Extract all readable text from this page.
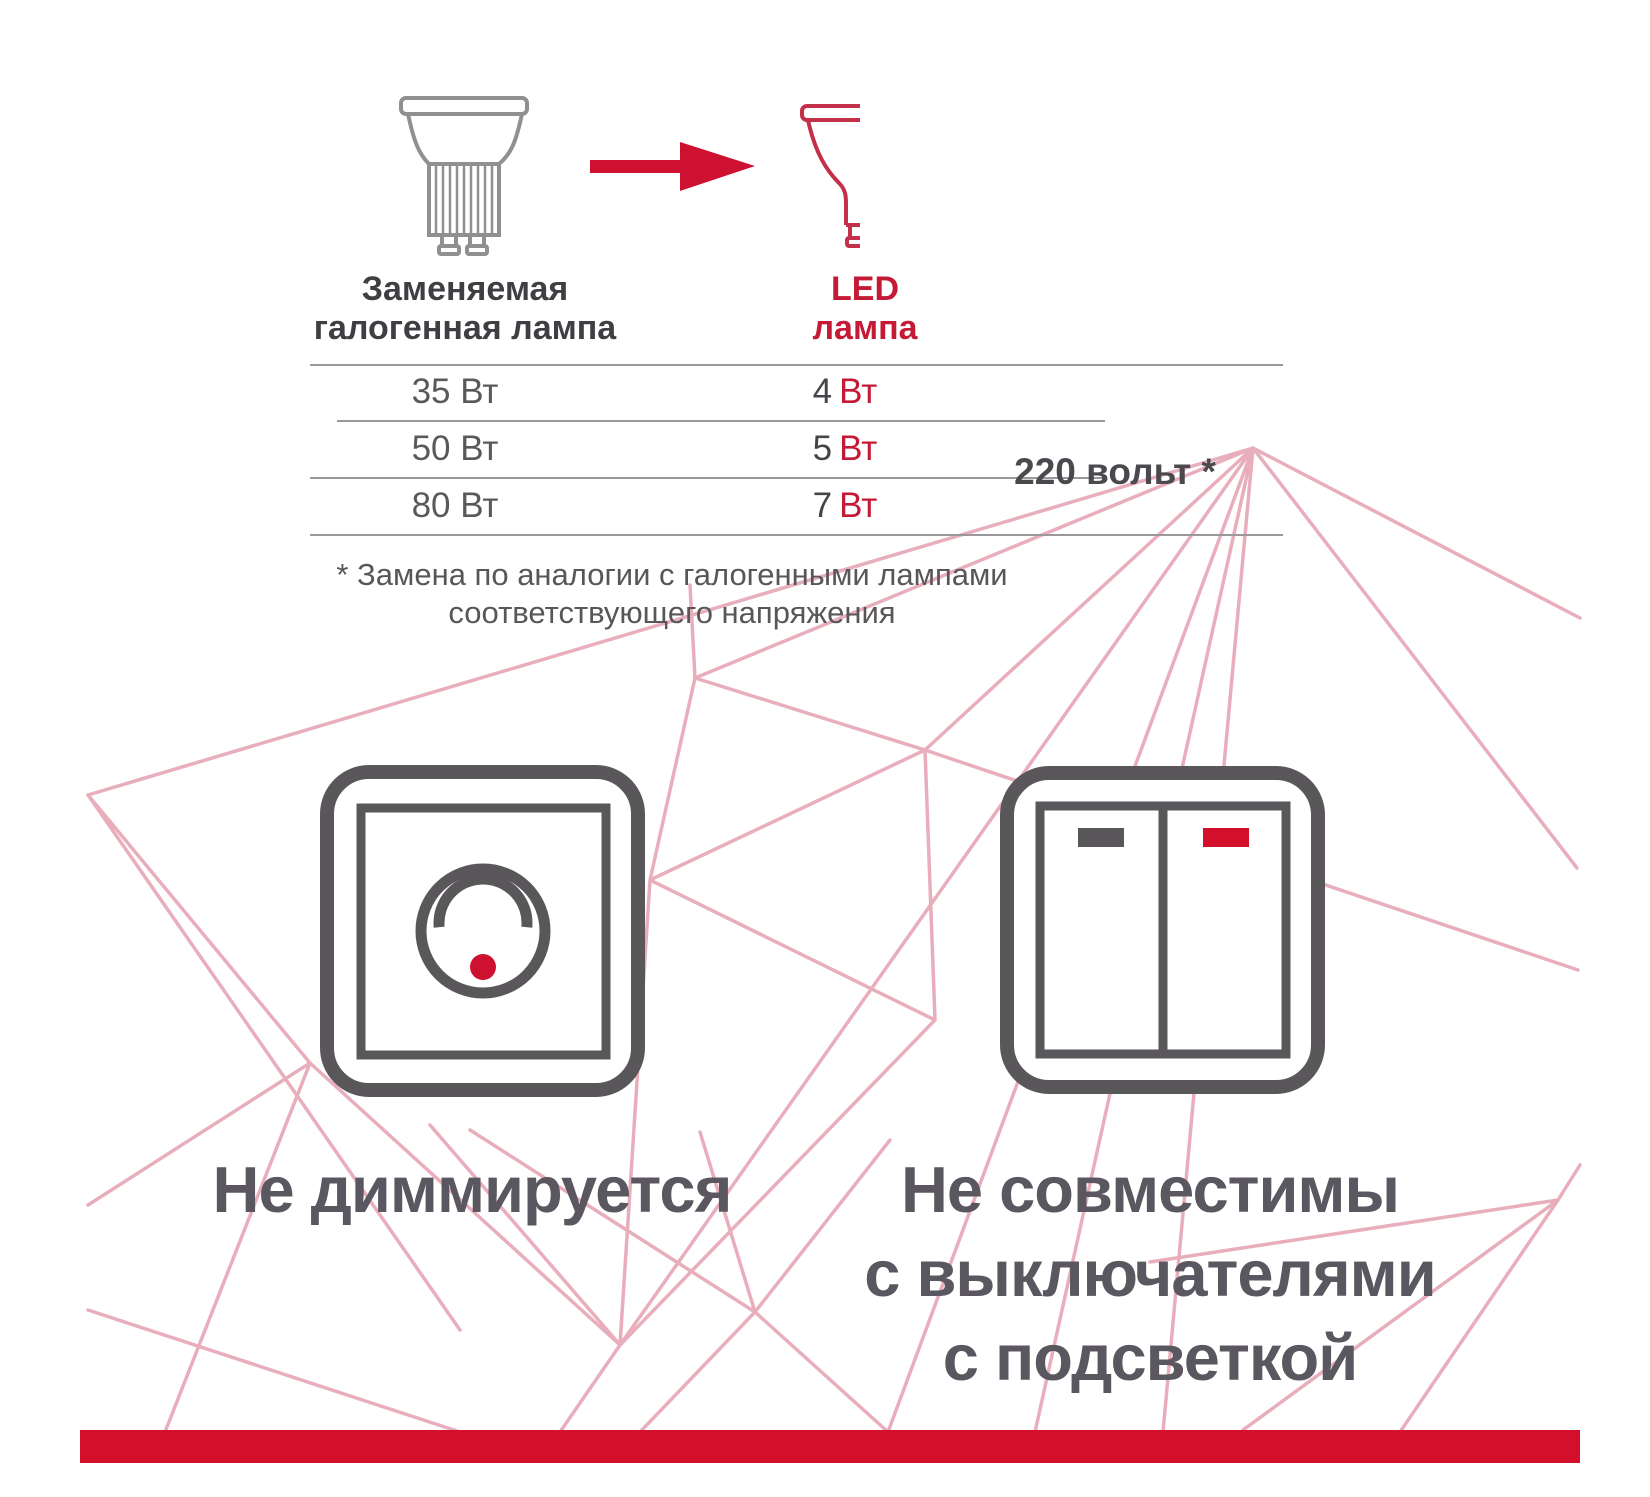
Заменяемая
галогенная лампа
LED
лампа
35 Вт	4 Вт
50 Вт	5 Вт
80 Вт	7 Вт
220 вольт *
* Замена по аналогии с галогенными лампами
соответствующего напряжения
Не диммируется	Не совместимы
с выключателями
с подсветкой
